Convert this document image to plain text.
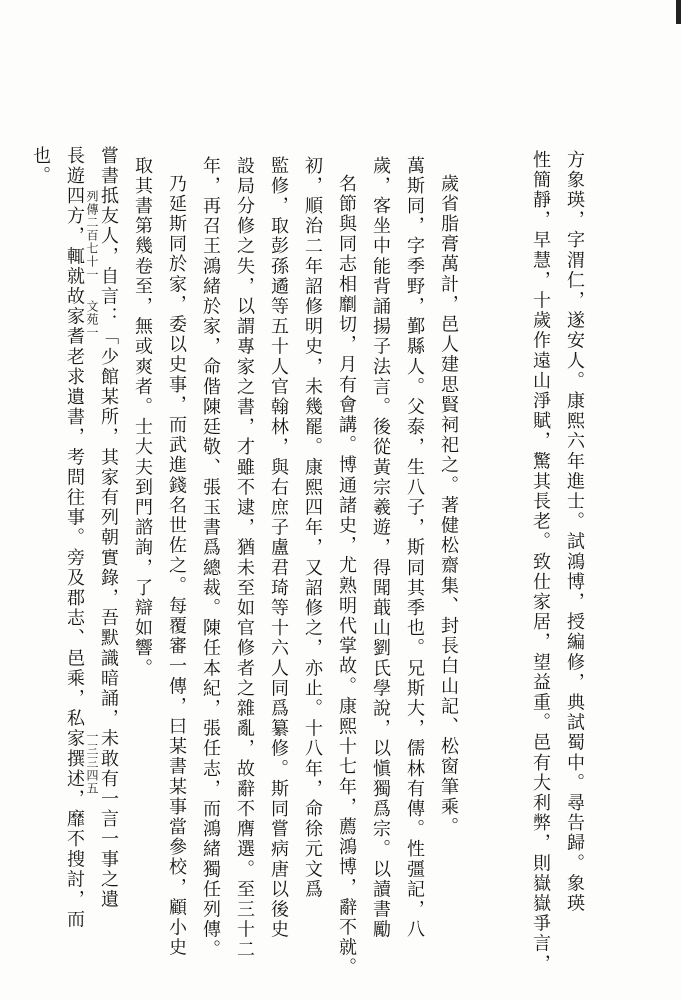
方象瑛，字渭仁，遂安人。康熙六年進士。試鴻博，授編修，典試蜀中。尋告歸。象瑛
性簡靜，早慧，十歲作遠山淨賦，驚其長老。致仕家居，望益重。邑有大利弊，則嶽嶽爭言，
歲省脂膏萬計，邑人建思賢祠祀之。著健松齋集、封長白山記、松窗筆乘。
萬斯同，字季野，鄞縣人。父泰，生八子，斯同其季也。兄斯大，儒林有傳。性彊記，八
歲，客坐中能背誦揚子法言。後從黃宗羲遊，得聞蕺山劉氏學說，以愼獨爲宗。以讀書勵
名節與同志相劘切，月有會講。博通諸史，尤熟明代掌故。康熙十七年，薦鴻博，辭不就。
初，順治二年詔修明史，未幾罷。康熙四年，又詔修之，亦止。十八年，命徐元文爲
監修，取彭孫遹等五十人官翰林，與右庶子盧君琦等十六人同爲纂修。斯同嘗病唐以後史
設局分修之失，以謂專家之書，才雖不逮，猶未至如官修者之雜亂，故辭不膺選。至三十二
年，再召王鴻緒於家，命偕陳廷敬、張玉書爲總裁。陳任本紀，張任志，而鴻緒獨任列傳。
乃延斯同於家，委以史事，而武進錢名世佐之。每覆審一傳，曰某書某事當參校，顧小史
取其書第幾卷至，無或爽者。士大夫到門諮詢，了辯如響。
嘗書抵友人，自言：「少館某所，其家有列朝實錄，吾默識暗誦，未敢有一言一事之遺
列傳二百七十一
文苑一
一三三四五
長遊四方，輒就故家耆老求遺書，考問往事。旁及郡志、邑乘，私家撰述，靡不搜討，而
也。
